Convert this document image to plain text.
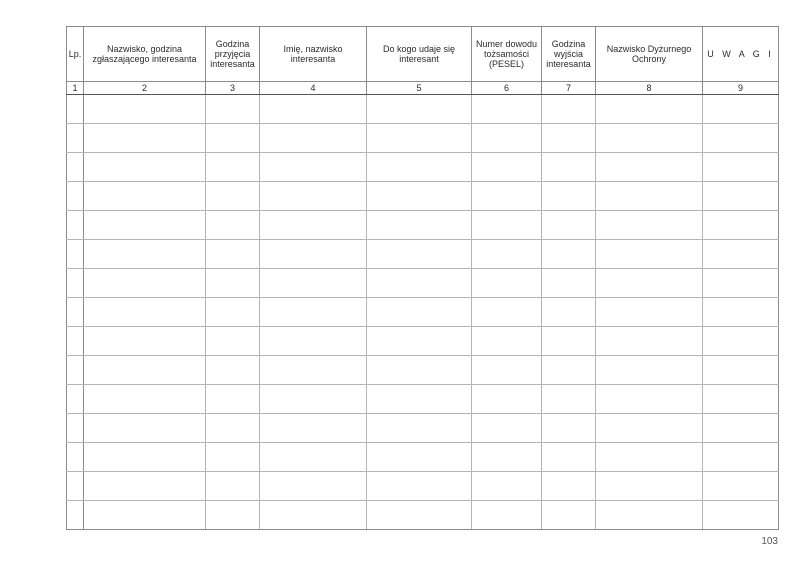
Lp.	Nazwisko, godzina zgłaszającego interesanta	Godzina przyjęcia interesanta	Imię, nazwisko interesanta	Do kogo udaje się interesant	Numer dowodu tożsamości (PESEL)	Godzina wyjścia interesanta	Nazwisko Dyżurnego Ochrony	U W A G I
1	2	3	4	5	6	7	8	9

103
